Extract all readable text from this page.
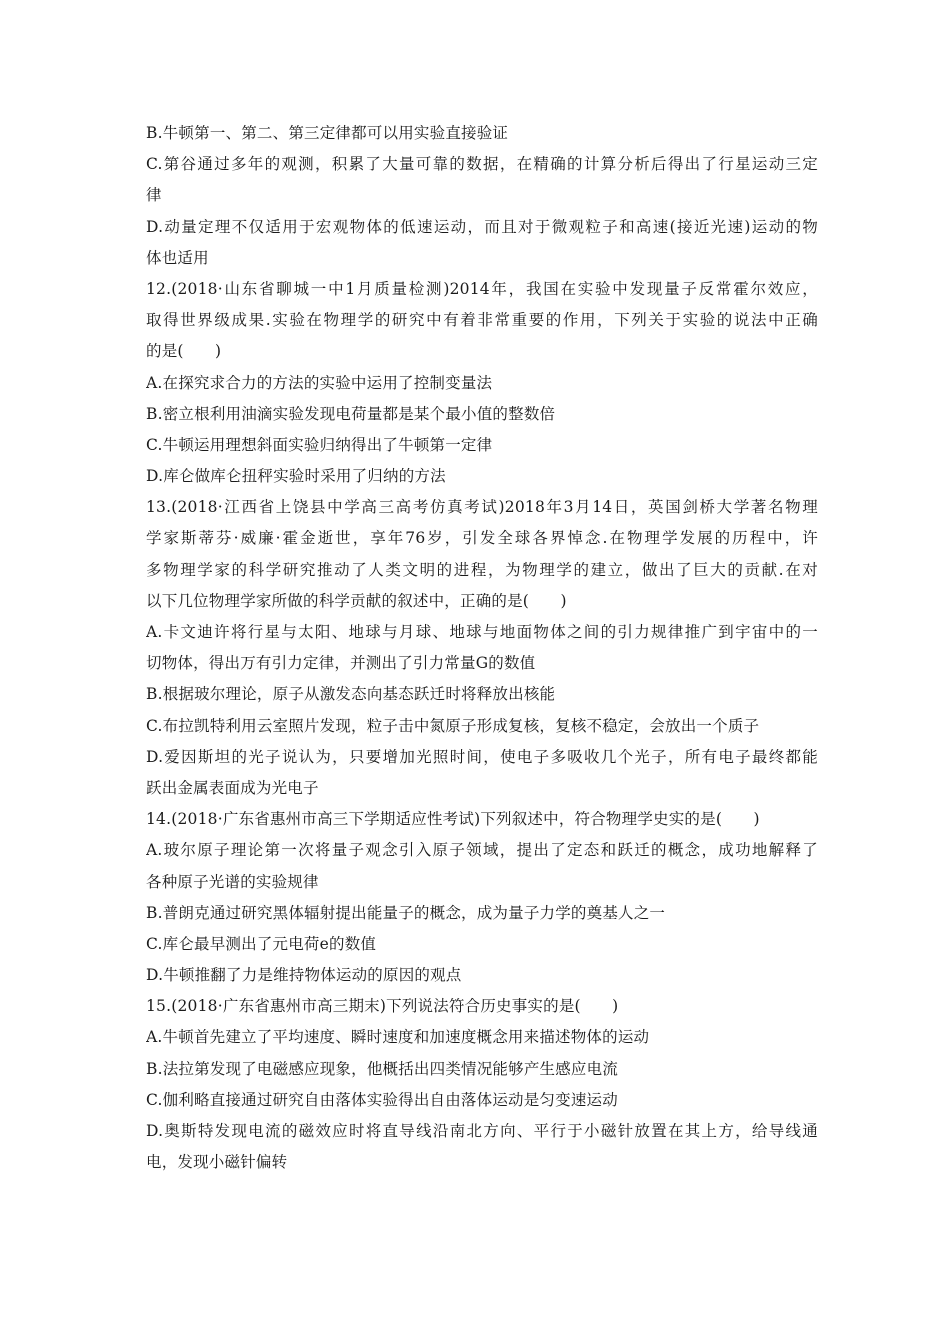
B.牛顿第一、第二、第三定律都可以用实验直接验证
C.第谷通过多年的观测，积累了大量可靠的数据，在精确的计算分析后得出了行星运动三定
律
D.动量定理不仅适用于宏观物体的低速运动，而且对于微观粒子和高速(接近光速)运动的物
体也适用
12.(2018·山东省聊城一中1月质量检测)2014年，我国在实验中发现量子反常霍尔效应，
取得世界级成果.实验在物理学的研究中有着非常重要的作用，下列关于实验的说法中正确
的是(　　)
A.在探究求合力的方法的实验中运用了控制变量法
B.密立根利用油滴实验发现电荷量都是某个最小值的整数倍
C.牛顿运用理想斜面实验归纳得出了牛顿第一定律
D.库仑做库仑扭秤实验时采用了归纳的方法
13.(2018·江西省上饶县中学高三高考仿真考试)2018年3月14日，英国剑桥大学著名物理
学家斯蒂芬·威廉·霍金逝世，享年76岁，引发全球各界悼念.在物理学发展的历程中，许
多物理学家的科学研究推动了人类文明的进程，为物理学的建立，做出了巨大的贡献.在对
以下几位物理学家所做的科学贡献的叙述中，正确的是(　　)
A.卡文迪许将行星与太阳、地球与月球、地球与地面物体之间的引力规律推广到宇宙中的一
切物体，得出万有引力定律，并测出了引力常量G的数值
B.根据玻尔理论，原子从激发态向基态跃迁时将释放出核能
C.布拉凯特利用云室照片发现，粒子击中氮原子形成复核，复核不稳定，会放出一个质子
D.爱因斯坦的光子说认为，只要增加光照时间，使电子多吸收几个光子，所有电子最终都能
跃出金属表面成为光电子
14.(2018·广东省惠州市高三下学期适应性考试)下列叙述中，符合物理学史实的是(　　)
A.玻尔原子理论第一次将量子观念引入原子领域，提出了定态和跃迁的概念，成功地解释了
各种原子光谱的实验规律
B.普朗克通过研究黑体辐射提出能量子的概念，成为量子力学的奠基人之一
C.库仑最早测出了元电荷e的数值
D.牛顿推翻了力是维持物体运动的原因的观点
15.(2018·广东省惠州市高三期末)下列说法符合历史事实的是(　　)
A.牛顿首先建立了平均速度、瞬时速度和加速度概念用来描述物体的运动
B.法拉第发现了电磁感应现象，他概括出四类情况能够产生感应电流
C.伽利略直接通过研究自由落体实验得出自由落体运动是匀变速运动
D.奥斯特发现电流的磁效应时将直导线沿南北方向、平行于小磁针放置在其上方，给导线通
电，发现小磁针偏转
